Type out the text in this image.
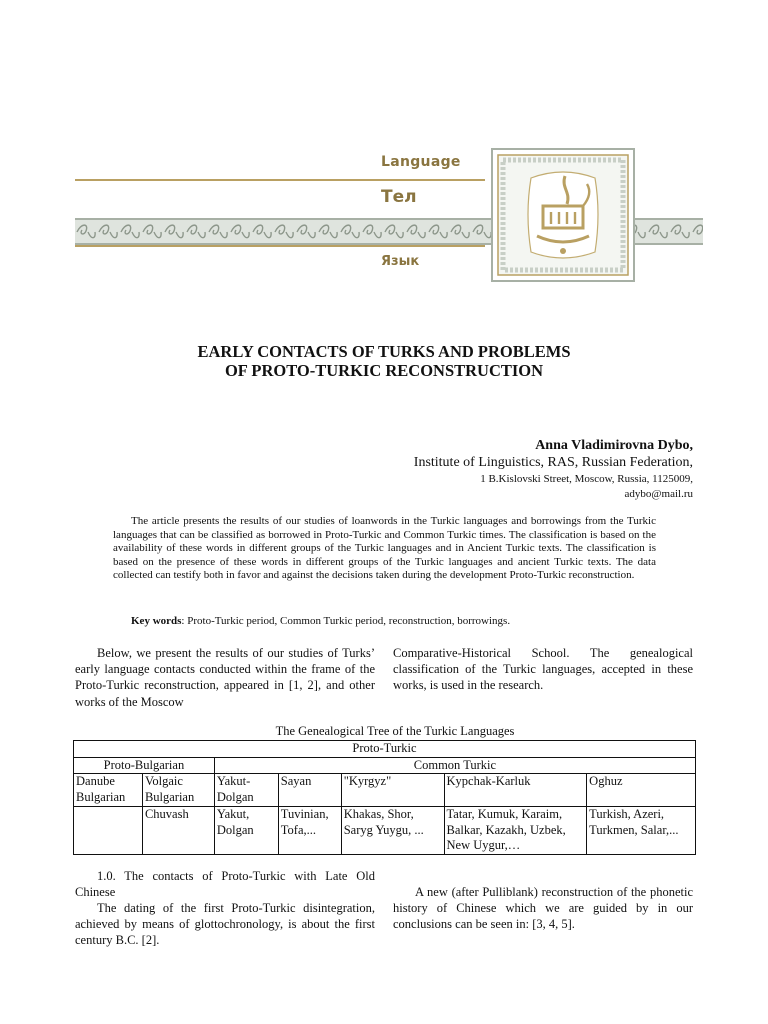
Language
Тел
Язык
EARLY CONTACTS OF TURKS AND PROBLEMS
OF PROTO-TURKIC RECONSTRUCTION
Anna Vladimirovna Dybo,
Institute of Linguistics, RAS, Russian Federation,
1 B.Kislovski Street, Moscow, Russia, 1125009,
adybo@mail.ru

The article presents the results of our studies of loanwords in the Turkic languages and borrowings from the Turkic languages that can be classified as borrowed in Proto-Turkic and Common Turkic times. The classification is based on the availability of these words in different groups of the Turkic languages and in Ancient Turkic texts. The classification is based on the presence of these words in different groups of the Turkic languages and ancient Turkic texts. The data collected can testify both in favor and against the decisions taken during the development Proto-Turkic reconstruction.

Key words: Proto-Turkic period, Common Turkic period, reconstruction, borrowings.

Below, we present the results of our studies of Turks’ early language contacts conducted within the frame of the Proto-Turkic reconstruction, appeared in [1, 2], and other works of the Moscow

Comparative-Historical School. The genealogical classification of the Turkic languages, accepted in these works, is used in the research.

The Genealogical Tree of the Turkic Languages
Proto-Turkic						
Proto-Bulgarian		Common Turkic				
Danube Bulgarian	Volgaic Bulgarian	Yakut-Dolgan	Sayan	"Kyrgyz"	Kypchak-Karluk	Oghuz
	Chuvash	Yakut, Dolgan	Tuvinian, Tofa,...	Khakas, Shor, Saryg Yuygu, ...	Tatar, Kumuk, Karaim, Balkar, Kazakh, Uzbek, New Uygur,…	Turkish, Azeri, Turkmen, Salar,...

1.0. The contacts of Proto-Turkic with Late Old Chinese

The dating of the first Proto-Turkic disintegration, achieved by means of glottochronology, is about the first century B.C. [2].

A new (after Pulliblank) reconstruction of the phonetic history of Chinese which we are guided by in our conclusions can be seen in: [3, 4, 5].
